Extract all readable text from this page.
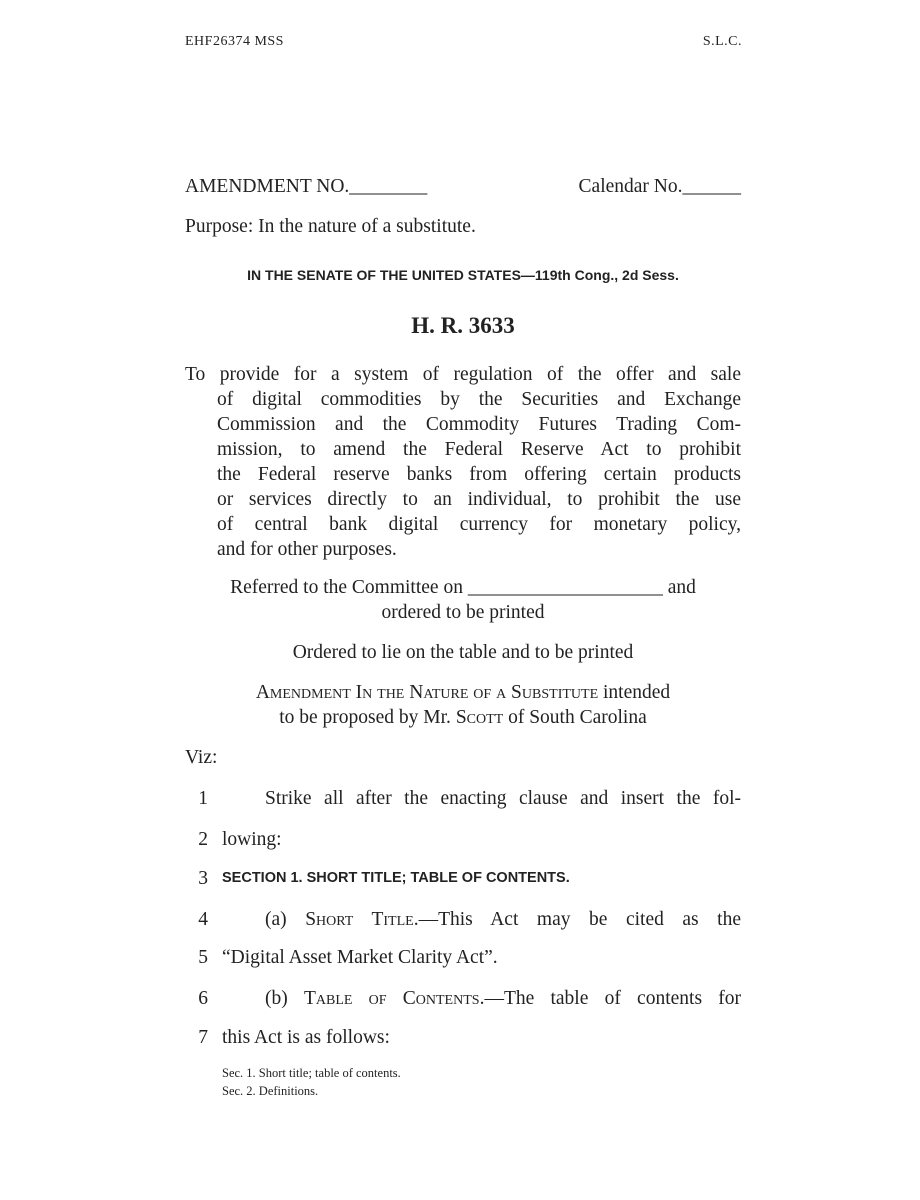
EHF26374 MSS	S.L.C.
AMENDMENT NO.________	Calendar No.______
Purpose: In the nature of a substitute.
IN THE SENATE OF THE UNITED STATES—119th Cong., 2d Sess.
H. R. 3633
To provide for a system of regulation of the offer and sale
of digital commodities by the Securities and Exchange
Commission and the Commodity Futures Trading Com-
mission, to amend the Federal Reserve Act to prohibit
the Federal reserve banks from offering certain products
or services directly to an individual, to prohibit the use
of central bank digital currency for monetary policy,
and for other purposes.
Referred to the Committee on ____________________ and
ordered to be printed
Ordered to lie on the table and to be printed
Amendment In the Nature of a Substitute intended
to be proposed by Mr. Scott of South Carolina
Viz:
1	Strike all after the enacting clause and insert the fol-
2 lowing:
3 SECTION 1. SHORT TITLE; TABLE OF CONTENTS.
4	(a) Short Title.—This Act may be cited as the
5 “Digital Asset Market Clarity Act”.
6	(b) Table of Contents.—The table of contents for
7 this Act is as follows:
Sec. 1. Short title; table of contents.
Sec. 2. Definitions.
